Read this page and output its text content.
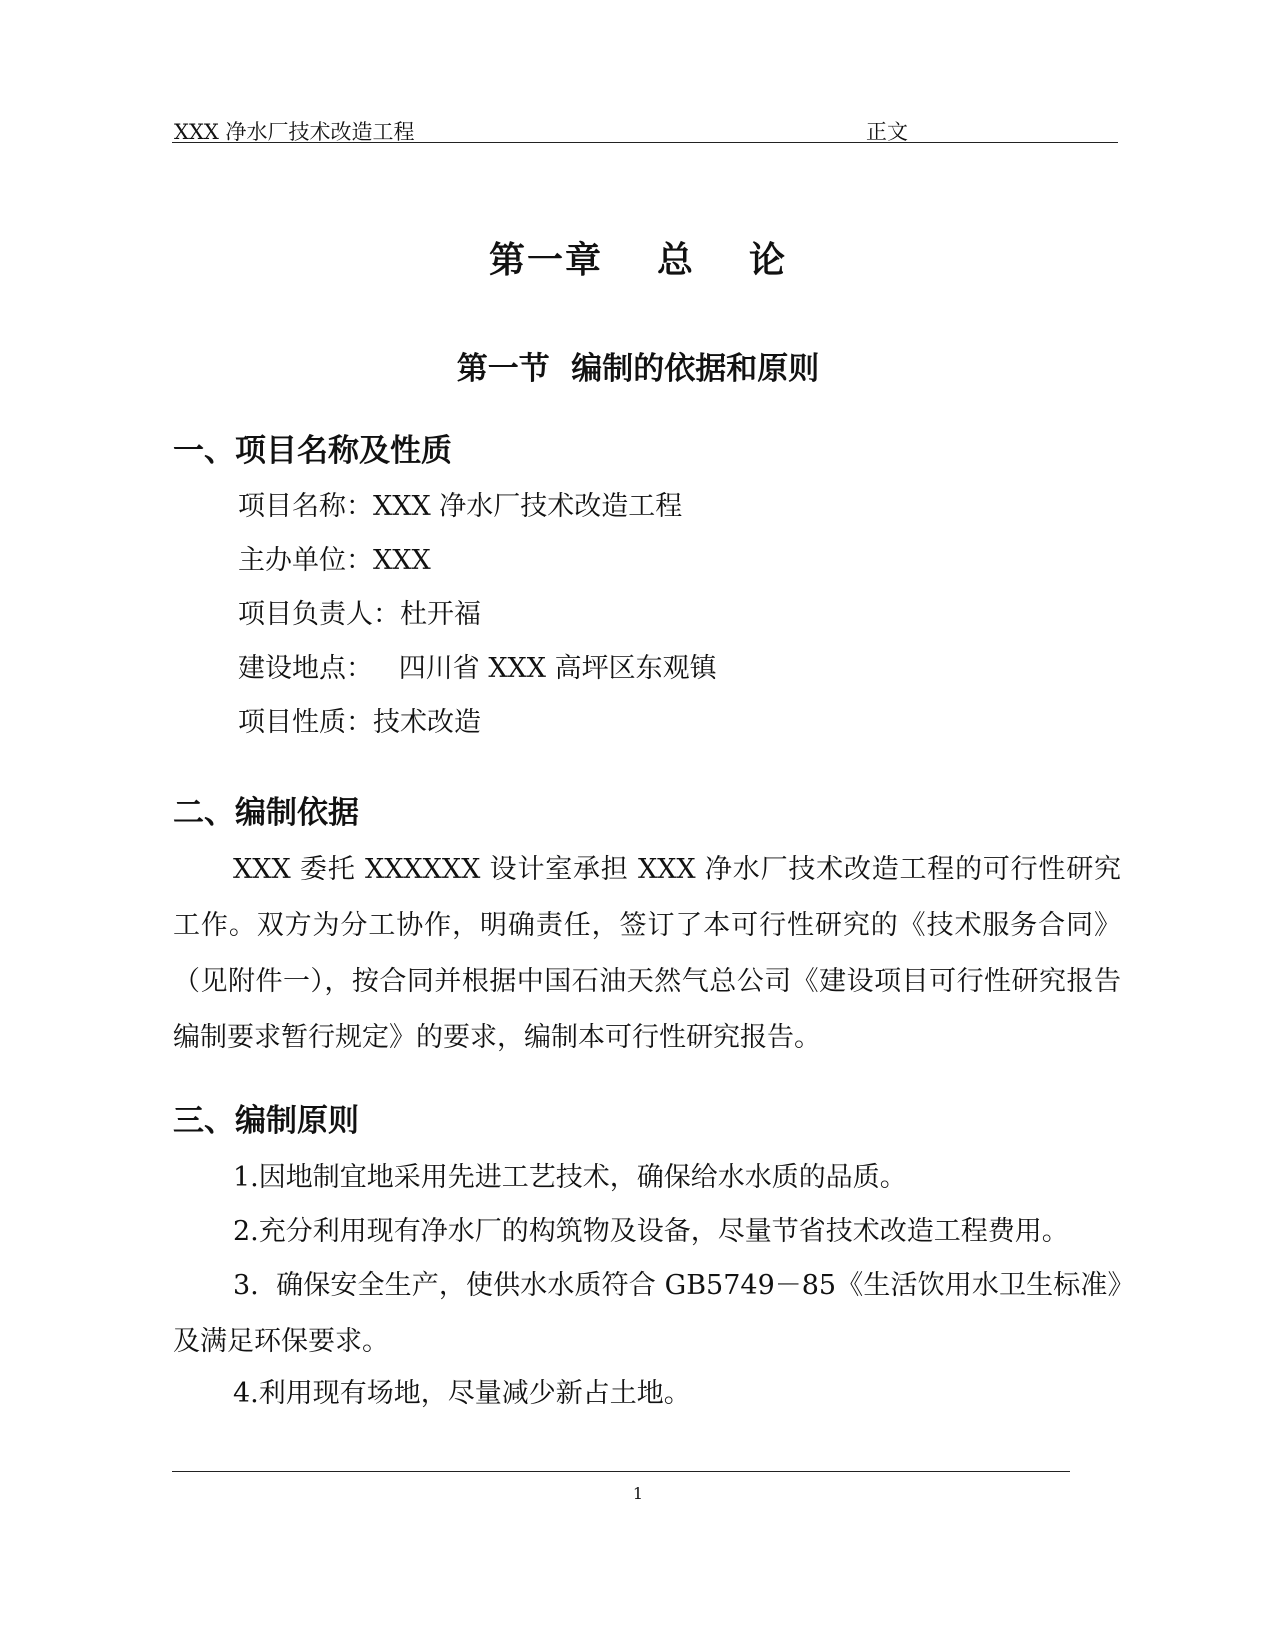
XXX 净水厂技术改造工程	正文
第一章 总 论
第一节  编制的依据和原则
一、项目名称及性质
项目名称：XXX 净水厂技术改造工程
主办单位：XXX
项目负责人：杜开福
建设地点：   四川省 XXX 高坪区东观镇
项目性质：技术改造
二、编制依据
XXX 委托 XXXXXX 设计室承担 XXX 净水厂技术改造工程的可行性研究工作。双方为分工协作，明确责任，签订了本可行性研究的《技术服务合同》（见附件一），按合同并根据中国石油天然气总公司《建设项目可行性研究报告编制要求暂行规定》的要求，编制本可行性研究报告。
三、编制原则
1.因地制宜地采用先进工艺技术，确保给水水质的品质。
2.充分利用现有净水厂的构筑物及设备，尽量节省技术改造工程费用。
3.  确保安全生产，使供水水质符合 GB5749－85《生活饮用水卫生标准》及满足环保要求。
4.利用现有场地，尽量减少新占土地。
1
